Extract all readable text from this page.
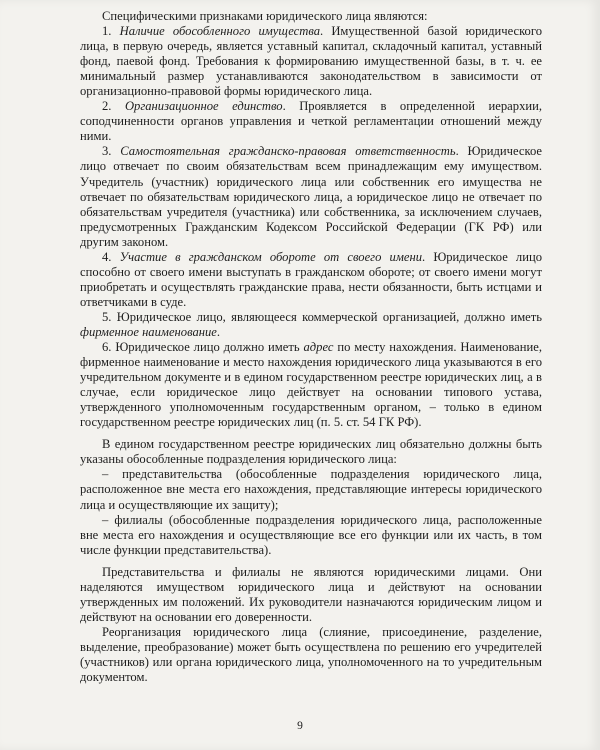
Специфическими признаками юридического лица являются:

1. Наличие обособленного имущества. Имущественной базой юридического лица, в первую очередь, является уставный капитал, складочный капитал, уставный фонд, паевой фонд. Требования к формированию имущественной базы, в т. ч. ее минимальный размер устанавливаются законодательством в зависимости от организационно-правовой формы юридического лица.

2. Организационное единство. Проявляется в определенной иерархии, соподчиненности органов управления и четкой регламентации отношений между ними.

3. Самостоятельная гражданско-правовая ответственность. Юридическое лицо отвечает по своим обязательствам всем принадлежащим ему имуществом. Учредитель (участник) юридического лица или собственник его имущества не отвечает по обязательствам юридического лица, а юридическое лицо не отвечает по обязательствам учредителя (участника) или собственника, за исключением случаев, предусмотренных Гражданским Кодексом Российской Федерации (ГК РФ) или другим законом.

4. Участие в гражданском обороте от своего имени. Юридическое лицо способно от своего имени выступать в гражданском обороте; от своего имени могут приобретать и осуществлять гражданские права, нести обязанности, быть истцами и ответчиками в суде.

5. Юридическое лицо, являющееся коммерческой организацией, должно иметь фирменное наименование.

6. Юридическое лицо должно иметь адрес по месту нахождения. Наименование, фирменное наименование и место нахождения юридического лица указываются в его учредительном документе и в едином государственном реестре юридических лиц, а в случае, если юридическое лицо действует на основании типового устава, утвержденного уполномоченным государственным органом, – только в едином государственном реестре юридических лиц (п. 5. ст. 54 ГК РФ).

В едином государственном реестре юридических лиц обязательно должны быть указаны обособленные подразделения юридического лица:

– представительства (обособленные подразделения юридического лица, расположенное вне места его нахождения, представляющие интересы юридического лица и осуществляющие их защиту);

– филиалы (обособленные подразделения юридического лица, расположенные вне места его нахождения и осуществляющие все его функции или их часть, в том числе функции представительства).

Представительства и филиалы не являются юридическими лицами. Они наделяются имуществом юридического лица и действуют на основании утвержденных им положений. Их руководители назначаются юридическим лицом и действуют на основании его доверенности.

Реорганизация юридического лица (слияние, присоединение, разделение, выделение, преобразование) может быть осуществлена по решению его учредителей (участников) или органа юридического лица, уполномоченного на то учредительным документом.

9
